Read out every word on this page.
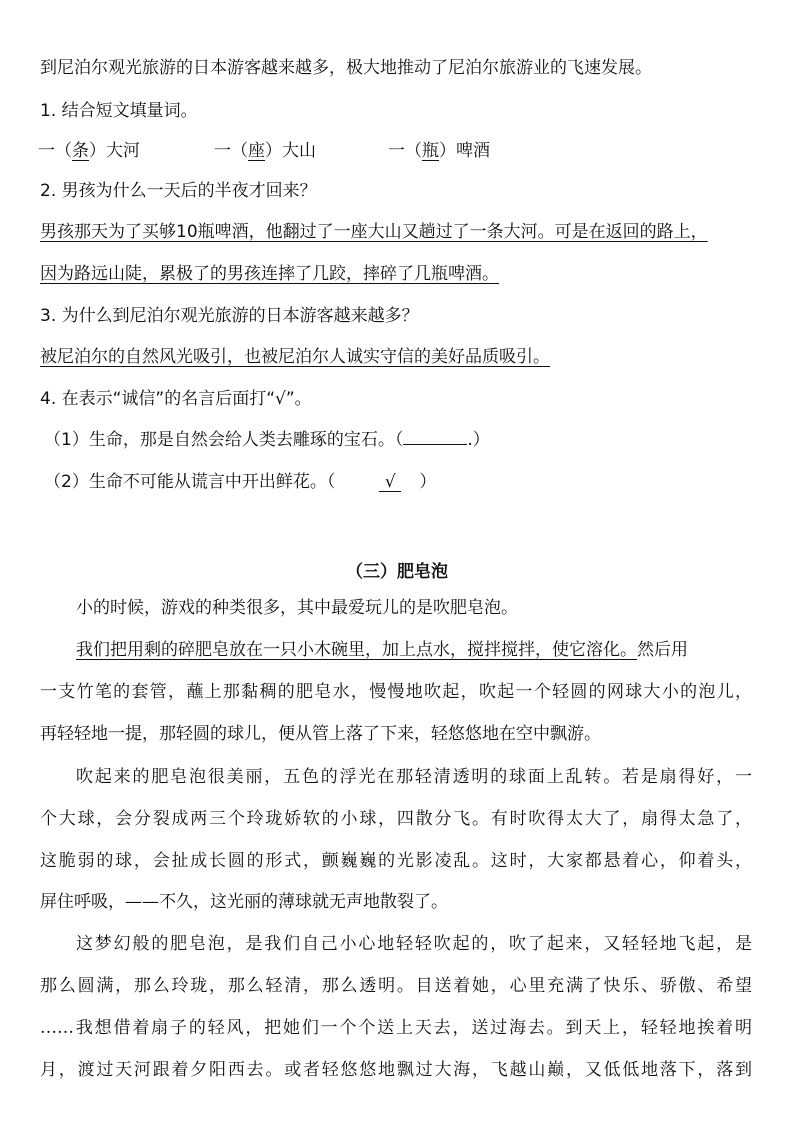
到尼泊尔观光旅游的日本游客越来越多，极大地推动了尼泊尔旅游业的飞速发展。
1. 结合短文填量词。
一（条）大河	一（座）大山	一（瓶）啤酒
2. 男孩为什么一天后的半夜才回来？
男孩那天为了买够10瓶啤酒，他翻过了一座大山又趟过了一条大河。可是在返回的路上，
因为路远山陡，累极了的男孩连摔了几跤，摔碎了几瓶啤酒。
3. 为什么到尼泊尔观光旅游的日本游客越来越多？
被尼泊尔的自然风光吸引，也被尼泊尔人诚实守信的美好品质吸引。
4. 在表示“诚信”的名言后面打“√”。
（1）生命，那是自然会给人类去雕琢的宝石。（	.）
（2）生命不可能从谎言中开出鲜花。（	√ ）
（三）肥皂泡
小的时候，游戏的种类很多，其中最爱玩儿的是吹肥皂泡。
我们把用剩的碎肥皂放在一只小木碗里，加上点水，搅拌搅拌，使它溶化。然后用
一支竹笔的套管，蘸上那黏稠的肥皂水，慢慢地吹起，吹起一个轻圆的网球大小的泡儿，
再轻轻地一提，那轻圆的球儿，便从管上落了下来，轻悠悠地在空中飘游。
吹起来的肥皂泡很美丽，五色的浮光在那轻清透明的球面上乱转。若是扇得好，一
个大球，会分裂成两三个玲珑娇软的小球，四散分飞。有时吹得太大了，扇得太急了，
这脆弱的球，会扯成长圆的形式，颤巍巍的光影凌乱。这时，大家都悬着心，仰着头，
屏住呼吸，——不久，这光丽的薄球就无声地散裂了。
这梦幻般的肥皂泡，是我们自己小心地轻轻吹起的，吹了起来，又轻轻地飞起，是
那么圆满，那么玲珑，那么轻清，那么透明。目送着她，心里充满了快乐、骄傲、希望
……我想借着扇子的轻风，把她们一个个送上天去，送过海去。到天上，轻轻地挨着明
月，渡过天河跟着夕阳西去。或者轻悠悠地飘过大海，飞越山巅，又低低地落下，落到
